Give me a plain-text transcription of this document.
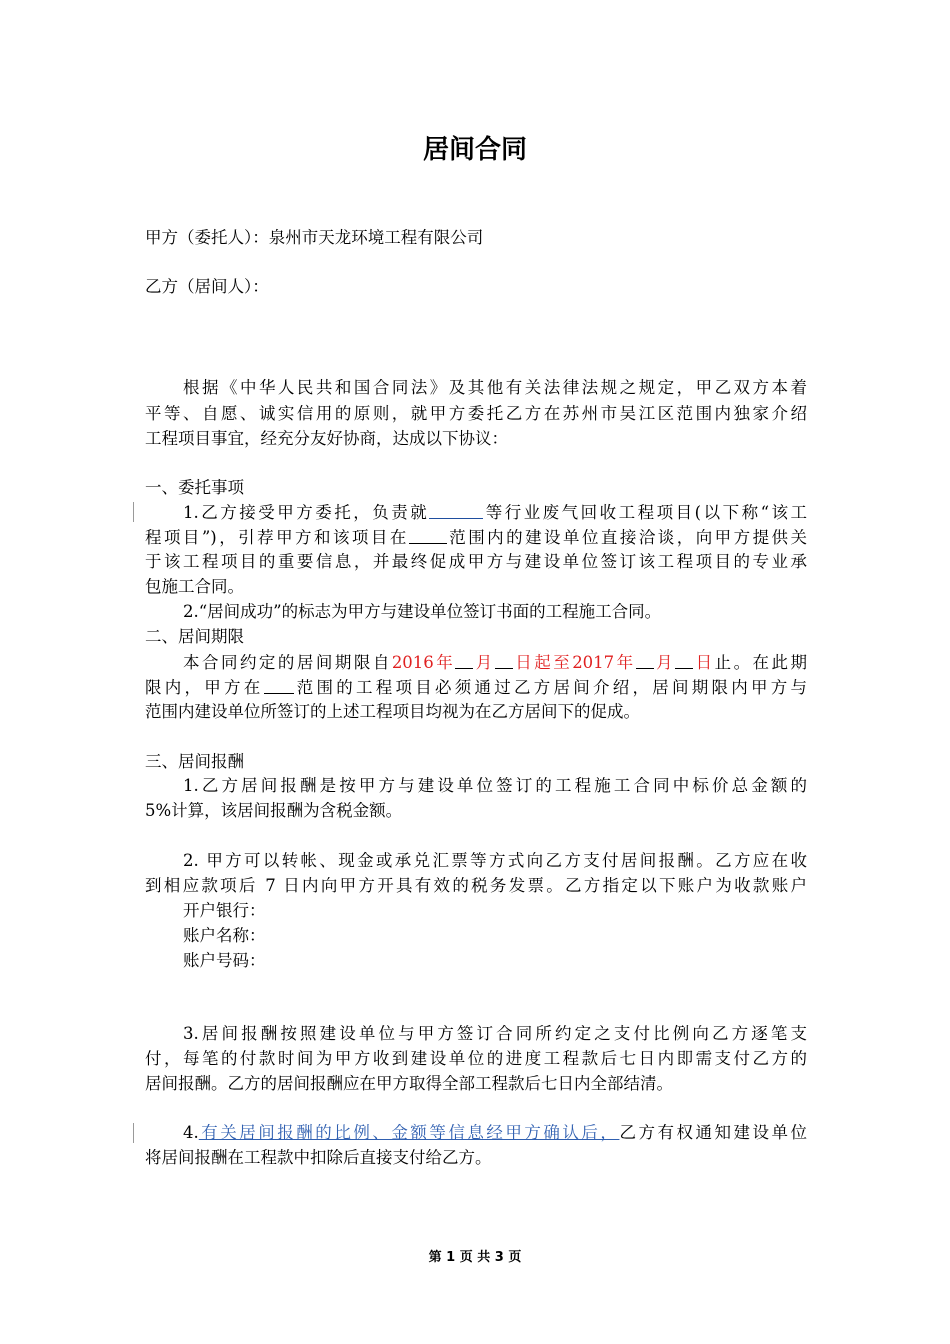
居间合同

甲方（委托人）：泉州市天龙环境工程有限公司

乙方（居间人）：

根据《中华人民共和国合同法》及其他有关法律法规之规定，甲乙双方本着

平等、自愿、诚实信用的原则，就甲方委托乙方在苏州市吴江区范围内独家介绍

工程项目事宜，经充分友好协商，达成以下协议：

一、委托事项

1.乙方接受甲方委托，负责就	等行业废气回收工程项目(以下称“该工

程项目”)，引荐甲方和该项目在 范围内的建设单位直接洽谈，向甲方提供关

于该工程项目的重要信息，并最终促成甲方与建设单位签订该工程项目的专业承

包施工合同。

2.“居间成功”的标志为甲方与建设单位签订书面的工程施工合同。

二、居间期限

本合同约定的居间期限自2016年 月 日起至2017年 月 日止。在此期

限内，甲方在 范围的工程项目必须通过乙方居间介绍，居间期限内甲方与

范围内建设单位所签订的上述工程项目均视为在乙方居间下的促成。

三、居间报酬

1.乙方居间报酬是按甲方与建设单位签订的工程施工合同中标价总金额的

5%计算，该居间报酬为含税金额。

2. 甲方可以转帐、现金或承兑汇票等方式向乙方支付居间报酬。乙方应在收

到相应款项后 7 日内向甲方开具有效的税务发票。乙方指定以下账户为收款账户

开户银行：

账户名称：

账户号码：

3.居间报酬按照建设单位与甲方签订合同所约定之支付比例向乙方逐笔支

付，每笔的付款时间为甲方收到建设单位的进度工程款后七日内即需支付乙方的

居间报酬。乙方的居间报酬应在甲方取得全部工程款后七日内全部结清。

4.有关居间报酬的比例、金额等信息经甲方确认后，乙方有权通知建设单位

将居间报酬在工程款中扣除后直接支付给乙方。

第 1 页 共 3 页
